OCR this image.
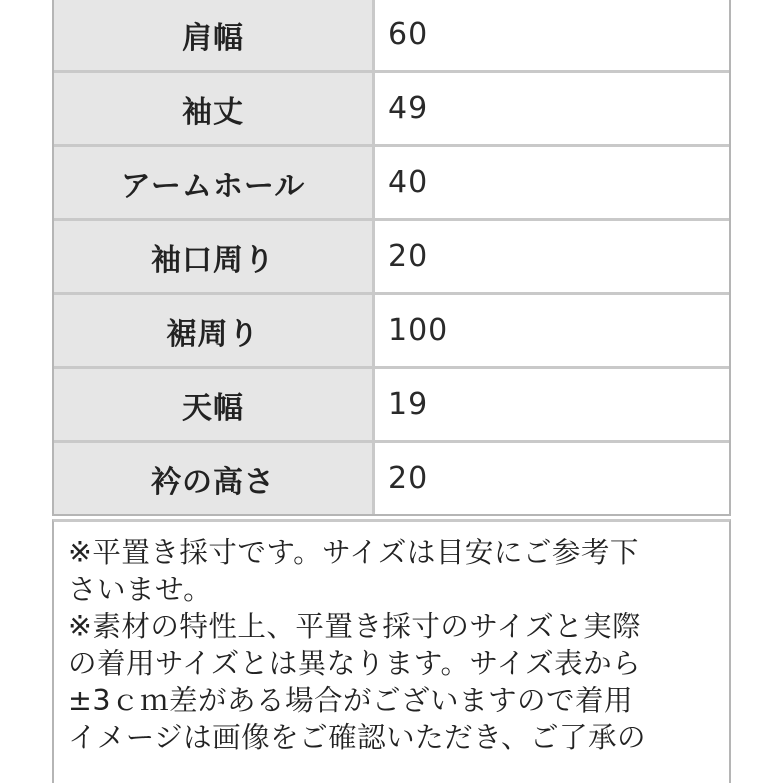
肩幅	60
袖丈	49
アームホール	40
袖口周り	20
裾周り	100
天幅	19
衿の高さ	20

※平置き採寸です。サイズは目安にご参考下

さいませ。

※素材の特性上、平置き採寸のサイズと実際

の着用サイズとは異なります。サイズ表から

±3ｃｍ差がある場合がございますので着用

イメージは画像をご確認いただき、ご了承の
